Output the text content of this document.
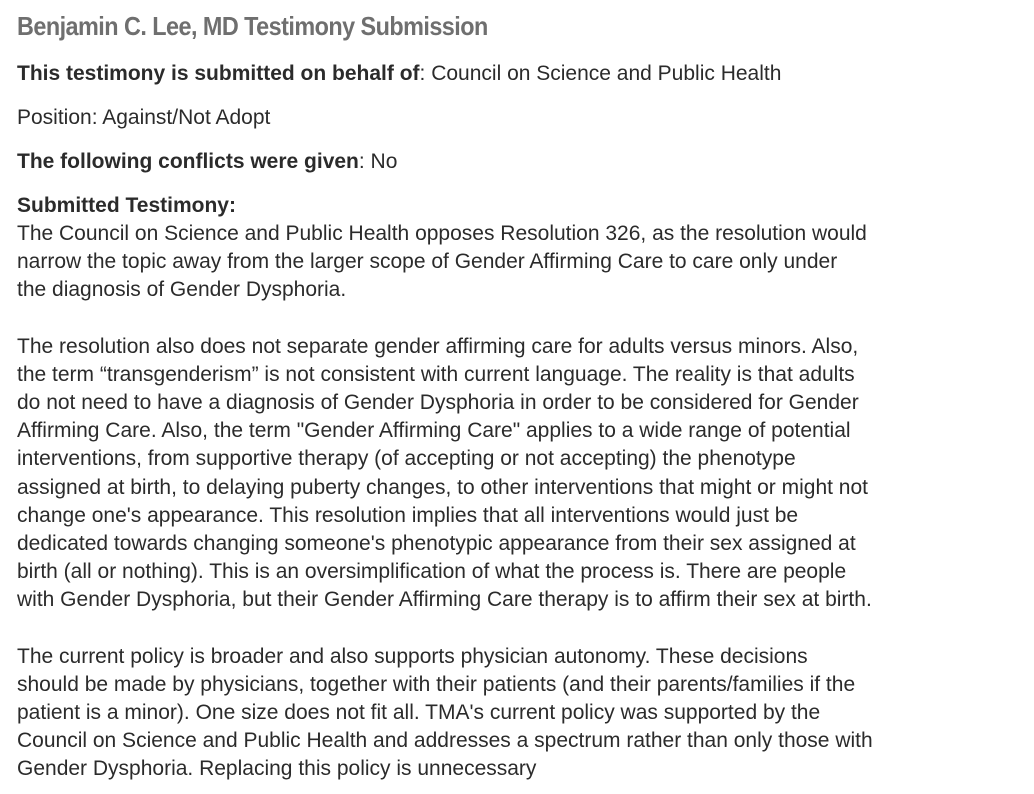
Benjamin C. Lee, MD Testimony Submission
This testimony is submitted on behalf of: Council on Science and Public Health
Position: Against/Not Adopt
The following conflicts were given: No
Submitted Testimony:

The Council on Science and Public Health opposes Resolution 326, as the resolution would
narrow the topic away from the larger scope of Gender Affirming Care to care only under
the diagnosis of Gender Dysphoria.

The resolution also does not separate gender affirming care for adults versus minors. Also,
the term “transgenderism” is not consistent with current language. The reality is that adults
do not need to have a diagnosis of Gender Dysphoria in order to be considered for Gender
Affirming Care. Also, the term "Gender Affirming Care" applies to a wide range of potential
interventions, from supportive therapy (of accepting or not accepting) the phenotype
assigned at birth, to delaying puberty changes, to other interventions that might or might not
change one's appearance. This resolution implies that all interventions would just be
dedicated towards changing someone's phenotypic appearance from their sex assigned at
birth (all or nothing). This is an oversimplification of what the process is. There are people
with Gender Dysphoria, but their Gender Affirming Care therapy is to affirm their sex at birth.

The current policy is broader and also supports physician autonomy. These decisions
should be made by physicians, together with their patients (and their parents/families if the
patient is a minor). One size does not fit all. TMA's current policy was supported by the
Council on Science and Public Health and addresses a spectrum rather than only those with
Gender Dysphoria. Replacing this policy is unnecessary
